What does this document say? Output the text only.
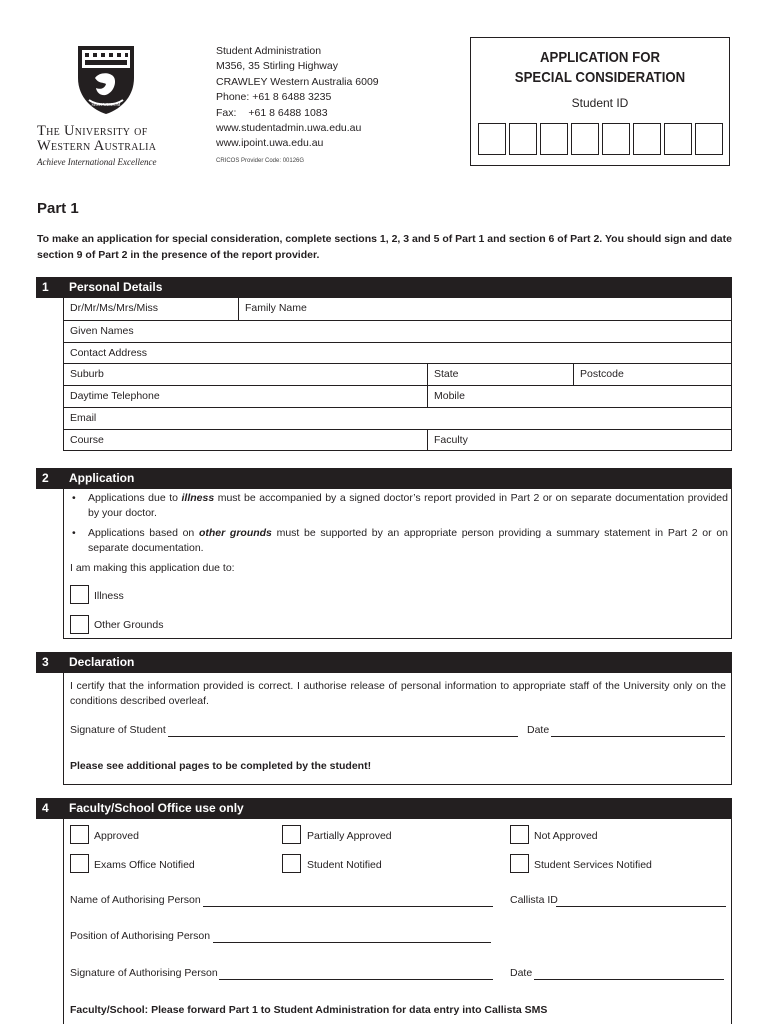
SEEK WISDOM
The University of
Western Australia
Achieve International Excellence
Student Administration
M356, 35 Stirling Highway
CRAWLEY Western Australia 6009
Phone: +61 8 6488 3235
Fax: +61 8 6488 1083
www.studentadmin.uwa.edu.au
www.ipoint.uwa.edu.au
CRICOS Provider Code: 00126G
APPLICATION FOR
SPECIAL CONSIDERATION
Student ID
Part 1
To make an application for special consideration, complete sections 1, 2, 3 and 5 of Part 1 and section 6 of Part 2. You should sign and date section 9 of Part 2 in the presence of the report provider.
1 Personal Details
Dr/Mr/Ms/Mrs/Miss	Family Name
Given Names
Contact Address
Suburb	State	Postcode
Daytime Telephone	Mobile
Email
Course	Faculty
2 Application
• Applications due to illness must be accompanied by a signed doctor’s report provided in Part 2 or on separate documentation provided by your doctor.
• Applications based on other grounds must be supported by an appropriate person providing a summary statement in Part 2 or on separate documentation.
I am making this application due to:
Illness
Other Grounds
3 Declaration
I certify that the information provided is correct. I authorise release of personal information to appropriate staff of the University only on the conditions described overleaf.
Signature of Student	Date
Please see additional pages to be completed by the student!
4 Faculty/School Office use only
Approved	Partially Approved	Not Approved
Exams Office Notified	Student Notified	Student Services Notified
Name of Authorising Person	Callista ID
Position of Authorising Person
Signature of Authorising Person	Date
Faculty/School: Please forward Part 1 to Student Administration for data entry into Callista SMS
